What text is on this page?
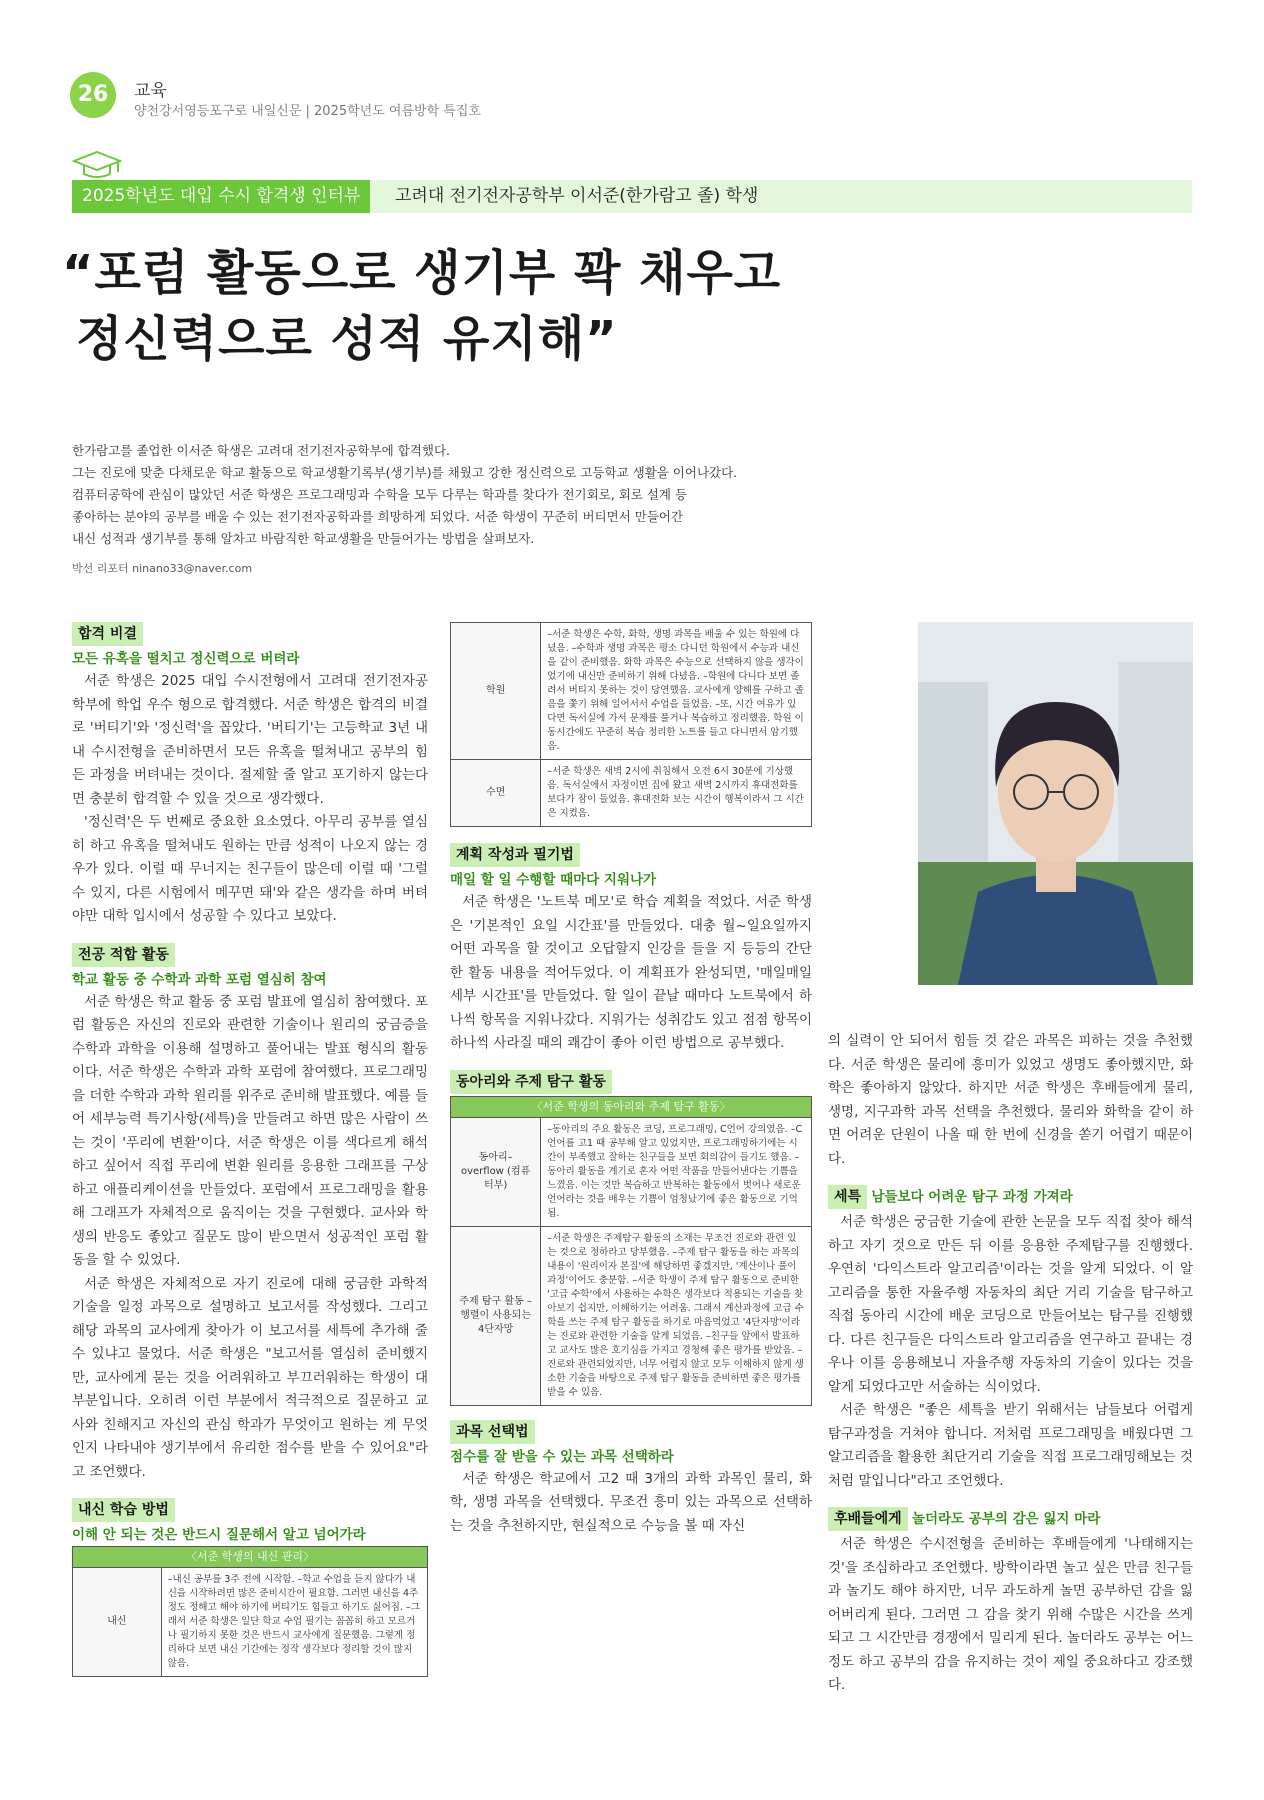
26	교육
양천강서영등포구로 내일신문 | 2025학년도 여름방학 특집호
2025학년도 대입 수시 합격생 인터뷰	고려대 전기전자공학부 이서준(한가람고 졸) 학생
“포럼 활동으로 생기부 꽉 채우고
정신력으로 성적 유지해”

한가람고를 졸업한 이서준 학생은 고려대 전기전자공학부에 합격했다.

그는 진로에 맞춘 다채로운 학교 활동으로 학교생활기록부(생기부)를 채웠고 강한 정신력으로 고등학교 생활을 이어나갔다.

컴퓨터공학에 관심이 많았던 서준 학생은 프로그래밍과 수학을 모두 다루는 학과를 찾다가 전기회로, 회로 설계 등

좋아하는 분야의 공부를 배울 수 있는 전기전자공학과를 희망하게 되었다. 서준 학생이 꾸준히 버티면서 만들어간

내신 성적과 생기부를 통해 알차고 바람직한 학교생활을 만들어가는 방법을 살펴보자.

박선 리포터 ninano33@naver.com
합격 비결
모든 유혹을 떨치고 정신력으로 버텨라

서준 학생은 2025 대입 수시전형에서 고려대 전기전자공학부에 학업 우수 형으로 합격했다. 서준 학생은 합격의 비결로 '버티기'와 '정신력'을 꼽았다. '버티기'는 고등학교 3년 내내 수시전형을 준비하면서 모든 유혹을 떨쳐내고 공부의 힘든 과정을 버텨내는 것이다. 절제할 줄 알고 포기하지 않는다면 충분히 합격할 수 있을 것으로 생각했다.

'정신력'은 두 번째로 중요한 요소였다. 아무리 공부를 열심히 하고 유혹을 떨쳐내도 원하는 만큼 성적이 나오지 않는 경우가 있다. 이럴 때 무너지는 친구들이 많은데 이럴 때 '그럴 수 있지, 다른 시험에서 메꾸면 돼'와 같은 생각을 하며 버텨야만 대학 입시에서 성공할 수 있다고 보았다.

전공 적합 활동
학교 활동 중 수학과 과학 포럼 열심히 참여

서준 학생은 학교 활동 중 포럼 발표에 열심히 참여했다. 포럼 활동은 자신의 진로와 관련한 기술이나 원리의 궁금증을 수학과 과학을 이용해 설명하고 풀어내는 발표 형식의 활동이다. 서준 학생은 수학과 과학 포럼에 참여했다. 프로그래밍을 더한 수학과 과학 원리를 위주로 준비해 발표했다. 예를 들어 세부능력 특기사항(세특)을 만들려고 하면 많은 사람이 쓰는 것이 '푸리에 변환'이다. 서준 학생은 이를 색다르게 해석하고 싶어서 직접 푸리에 변환 원리를 응용한 그래프를 구상하고 애플리케이션을 만들었다. 포럼에서 프로그래밍을 활용해 그래프가 자체적으로 움직이는 것을 구현했다. 교사와 학생의 반응도 좋았고 질문도 많이 받으면서 성공적인 포럼 활동을 할 수 있었다.

서준 학생은 자체적으로 자기 진로에 대해 궁금한 과학적 기술을 일정 과목으로 설명하고 보고서를 작성했다. 그리고 해당 과목의 교사에게 찾아가 이 보고서를 세특에 추가해 줄 수 있냐고 물었다. 서준 학생은 "보고서를 열심히 준비했지만, 교사에게 묻는 것을 어려워하고 부끄러워하는 학생이 대부분입니다. 오히려 이런 부분에서 적극적으로 질문하고 교사와 친해지고 자신의 관심 학과가 무엇이고 원하는 게 무엇인지 나타내야 생기부에서 유리한 점수를 받을 수 있어요"라고 조언했다.

내신 학습 방법
이해 안 되는 것은 반드시 질문해서 알고 넘어가라
〈서준 학생의 내신 관리〉
내신	–내신 공부를 3주 전에 시작함. –학교 수업을 듣지 않다가 내신을 시작하려면 많은 준비시간이 필요함. 그러면 내신을 4주 정도 정해고 해야 하기에 버티기도 힘들고 하기도 싫어짐. –그래서 서준 학생은 일단 학교 수업 필기는 꼼꼼히 하고 모르거나 필기하지 못한 것은 반드시 교사에게 질문했음. 그렇게 정리하다 보면 내신 기간에는 정작 생각보다 정리할 것이 많지 않음.
학원	–서준 학생은 수학, 화학, 생명 과목을 배울 수 있는 학원에 다녔음. –수학과 생명 과목은 평소 다니던 학원에서 수능과 내신을 같이 준비했음. 화학 과목은 수능으로 선택하지 않을 생각이었기에 내신만 준비하기 위해 다녔음. –학원에 다니다 보면 졸려서 버티지 못하는 것이 당연했음. 교사에게 양해를 구하고 졸음을 쫓기 위해 일어서서 수업을 들었음. –또, 시간 여유가 있다면 독서실에 가서 문제를 풀거나 복습하고 정리했음. 학원 이동시간에도 꾸준히 복습 정리한 노트를 들고 다니면서 암기했음.
수면	–서준 학생은 새벽 2시에 취침해서 오전 6시 30분에 기상했음. 독서실에서 자정이면 집에 왔고 새벽 2시까지 휴대전화를 보다가 잠이 들었음. 휴대전화 보는 시간이 행복이라서 그 시간은 지켰음.
계획 작성과 필기법
매일 할 일 수행할 때마다 지워나가

서준 학생은 '노트북 메모'로 학습 계획을 적었다. 서준 학생은 '기본적인 요일 시간표'를 만들었다. 대충 월~일요일까지 어떤 과목을 할 것이고 오답할지 인강을 들을 지 등등의 간단한 활동 내용을 적어두었다. 이 계획표가 완성되면, '매일매일 세부 시간표'를 만들었다. 할 일이 끝날 때마다 노트북에서 하나씩 항목을 지워나갔다. 지워가는 성취감도 있고 점점 항목이 하나씩 사라질 때의 쾌감이 좋아 이런 방법으로 공부했다.

동아리와 주제 탐구 활동
〈서준 학생의 동아리와 주제 탐구 활동〉
동아리– overflow (컴퓨터부)	–동아리의 주요 활동은 코딩, 프로그래밍, C언어 강의였음. –C언어를 고1 때 공부해 알고 있었지만, 프로그래밍하기에는 시간이 부족했고 잘하는 친구들을 보면 회의감이 들기도 했음. –동아리 활동을 계기로 혼자 어떤 작품을 만들어낸다는 기쁨을 느꼈음. 이는 것만 복습하고 반복하는 활동에서 벗어나 새로운 언어라는 것을 배우는 기쁨이 엄청났기에 좋은 활동으로 기억됨.
주제 탐구 활동 –행렬이 사용되는 4단자망	–서준 학생은 주제탐구 활동의 소재는 무조건 진로와 관련 있는 것으로 정하라고 당부했음. –주제 탐구 활동을 하는 과목의 내용이 '원리이자 본질'에 해당하면 좋겠지만, '계산이나 풀이 과정'이어도 충분함. –서준 학생이 주제 탐구 활동으로 준비한 '고급 수학'에서 사용하는 수학은 생각보다 적용되는 기술을 찾아보기 쉽지만, 이해하기는 어려움. 그래서 계산과정에 고급 수학을 쓰는 주제 탐구 활동을 하기로 마음먹었고 '4단자망'이라는 진로와 관련한 기술을 알게 되었음. –친구들 앞에서 발표하고 교사도 많은 호기심을 가지고 경청해 좋은 평가를 받았음. –진로와 관련되었지만, 너무 어렵지 않고 모두 이해하지 않게 생소한 기술을 바탕으로 주제 탐구 활동을 준비하면 좋은 평가를 받을 수 있음.
과목 선택법
점수를 잘 받을 수 있는 과목 선택하라

서준 학생은 학교에서 고2 때 3개의 과학 과목인 물리, 화학, 생명 과목을 선택했다. 무조건 흥미 있는 과목으로 선택하는 것을 추천하지만, 현실적으로 수능을 볼 때 자신

의 실력이 안 되어서 힘들 것 같은 과목은 피하는 것을 추천했다. 서준 학생은 물리에 흥미가 있었고 생명도 좋아했지만, 화학은 좋아하지 않았다. 하지만 서준 학생은 후배들에게 물리, 생명, 지구과학 과목 선택을 추천했다. 물리와 화학을 같이 하면 어려운 단원이 나올 때 한 번에 신경을 쏟기 어렵기 때문이다.

세특 남들보다 어려운 탐구 과정 가져라

서준 학생은 궁금한 기술에 관한 논문을 모두 직접 찾아 해석하고 자기 것으로 만든 뒤 이를 응용한 주제탐구를 진행했다. 우연히 '다익스트라 알고리즘'이라는 것을 알게 되었다. 이 알고리즘을 통한 자율주행 자동차의 최단 거리 기술을 탐구하고 직접 동아리 시간에 배운 코딩으로 만들어보는 탐구를 진행했다. 다른 친구들은 다익스트라 알고리즘을 연구하고 끝내는 경우나 이를 응용해보니 자율주행 자동차의 기술이 있다는 것을 알게 되었다고만 서술하는 식이었다.

서준 학생은 "좋은 세특을 받기 위해서는 남들보다 어렵게 탐구과정을 거쳐야 합니다. 저처럼 프로그래밍을 배웠다면 그 알고리즘을 활용한 최단거리 기술을 직접 프로그래밍해보는 것처럼 말입니다"라고 조언했다.

후배들에게 놀더라도 공부의 감은 잃지 마라

서준 학생은 수시전형을 준비하는 후배들에게 '나태해지는 것'을 조심하라고 조언했다. 방학이라면 놀고 싶은 만큼 친구들과 놀기도 해야 하지만, 너무 과도하게 놀면 공부하던 감을 잃어버리게 된다. 그러면 그 감을 찾기 위해 수많은 시간을 쓰게 되고 그 시간만큼 경쟁에서 밀리게 된다. 놀더라도 공부는 어느 정도 하고 공부의 감을 유지하는 것이 제일 중요하다고 강조했다.
